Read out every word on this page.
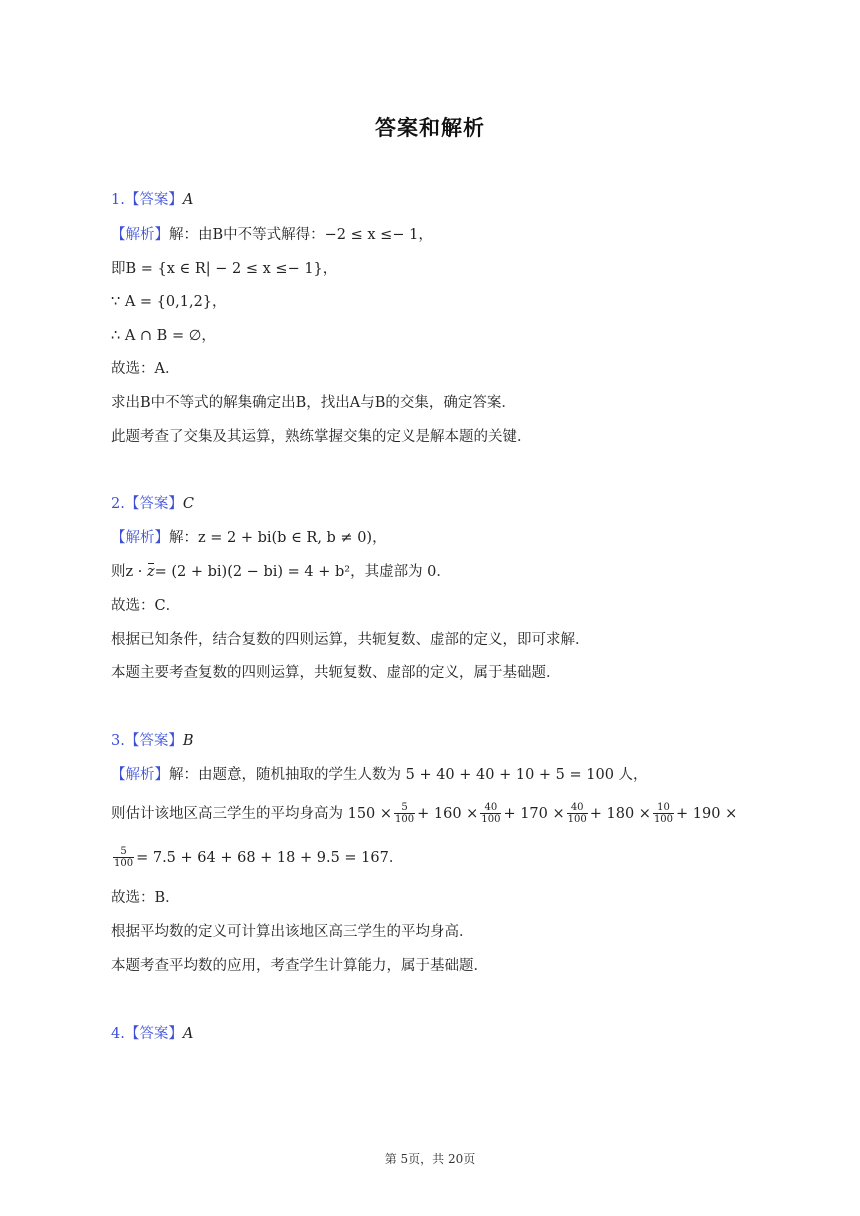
答案和解析
1.【答案】A
【解析】解：由B中不等式解得：−2 ≤ x ≤− 1，
即B = {x ∈ R| − 2 ≤ x ≤− 1}，
∵ A = {0,1,2}，
∴ A ∩ B = ∅，
故选：A．
求出B中不等式的解集确定出B，找出A与B的交集，确定答案．
此题考查了交集及其运算，熟练掌握交集的定义是解本题的关键．
2.【答案】C
【解析】解：z = 2 + bi(b ∈ R, b ≠ 0)，
则z · z= (2 + bi)(2 − bi) = 4 + b²，其虚部为 0．
故选：C．
根据已知条件，结合复数的四则运算，共轭复数、虚部的定义，即可求解．
本题主要考查复数的四则运算，共轭复数、虚部的定义，属于基础题．
3.【答案】B
【解析】解：由题意，随机抽取的学生人数为 5 + 40 + 40 + 10 + 5 = 100 人，
则估计该地区高三学生的平均身高为 $150 \times \frac{5}{100} + 160 \times \frac{40}{100} + 170 \times \frac{40}{100} + 180 \times \frac{10}{100} + 190$ ×
$\frac{5}{100} = 7.5 + 64 + 68 + 18 + 9.5 = 167$．
故选：B．
根据平均数的定义可计算出该地区高三学生的平均身高．
本题考查平均数的应用，考查学生计算能力，属于基础题．
4.【答案】A
第 5页，共 20页
